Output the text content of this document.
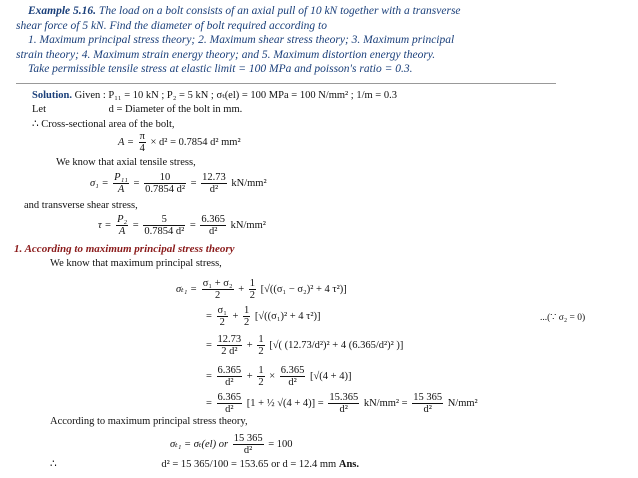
Example 5.16. The load on a bolt consists of an axial pull of 10 kN together with a transverse
shear force of 5 kN. Find the diameter of bolt required according to
1. Maximum principal stress theory; 2. Maximum shear stress theory; 3. Maximum principal
strain theory; 4. Maximum strain energy theory; and 5. Maximum distortion energy theory.
Take permissible tensile stress at elastic limit = 100 MPa and poisson's ratio = 0.3.
Solution. Given : P₁₁ = 10 kN ; P₂ = 5 kN ; σₜ(el) = 100 MPa = 100 N/mm² ; 1/m = 0.3
Let	d = Diameter of the bolt in mm.
∴ Cross-sectional area of the bolt,
$A = \frac{\pi}{4} \times d^2 = 0.7854$ d² mm²
We know that axial tensile stress,
$\sigma_1 = \frac{\text{P₁₁}}{A} = \frac{10}{\text{0.7854 d²}} = \frac{12.73}{\text{d²}} kN/mm^2$
and transverse shear stress,
$\tau = \frac{\text{P₂}}{A} = \frac{5}{\text{0.7854 d²}} = \frac{6.365}{\text{d²}} kN/mm^2$
1. According to maximum principal stress theory
We know that maximum principal stress,
$\sigma_{t1} = \frac{\text{σ₁ + σ₂}}{2} + \frac{1}{2} [√((\sigma_1 - \sigma_2)^2 + 4$ τ²)]
= $\frac{\text{σ₁}}{2} + \frac{1}{2} [√((\sigma_1)^2 + 4$ τ²)]	...(∵ σ₂ = 0)
= $\frac{12.73}{\text{2 d²}} + \frac{1}{2}$ [√( (12.73/d²)² + 4 (6.365/d²)² )]
= $\frac{6.365}{\text{d²}} + \frac{1}{2} \times \frac{6.365}{\text{d²}} [√(4 + 4)]$
= $\frac{6.365}{\text{d²}} [1$ + ½ $√(4 + 4)] = \frac{15.365}{\text{d²}} kN/mm^2 = \frac{15 365}{\text{d²}} N/mm^2$
According to maximum principal stress theory,
σₜ₁ = σₜ(el) or $\frac{15 365}{\text{d²}} = 100$
∴	d² = 15 365/100 = 153.65 or d = 12.4 mm Ans.
